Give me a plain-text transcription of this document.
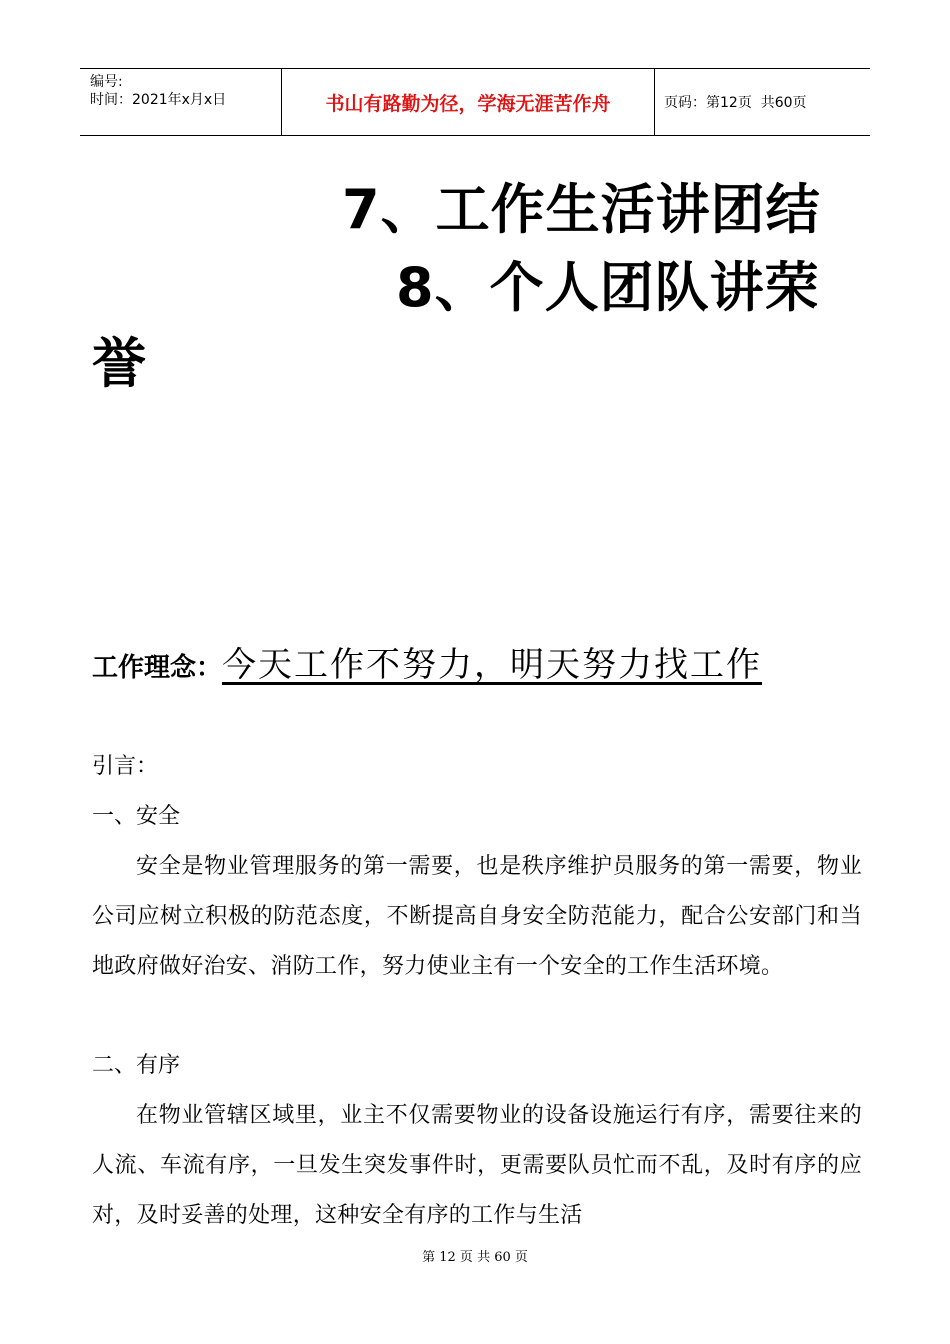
编号:
时间：2021年x月x日	书山有路勤为径，学海无涯苦作舟	页码：第12页  共60页
7、工作生活讲团结
8、个人团队讲荣
誉
工作理念：今天工作不努力，明天努力找工作
引言：
一、安全
安全是物业管理服务的第一需要，也是秩序维护员服务的第一需要，物业公司应树立积极的防范态度，不断提高自身安全防范能力，配合公安部门和当地政府做好治安、消防工作，努力使业主有一个安全的工作生活环境。
二、有序
在物业管辖区域里，业主不仅需要物业的设备设施运行有序，需要往来的人流、车流有序，一旦发生突发事件时，更需要队员忙而不乱，及时有序的应对，及时妥善的处理，这种安全有序的工作与生活
第 12 页 共 60 页
